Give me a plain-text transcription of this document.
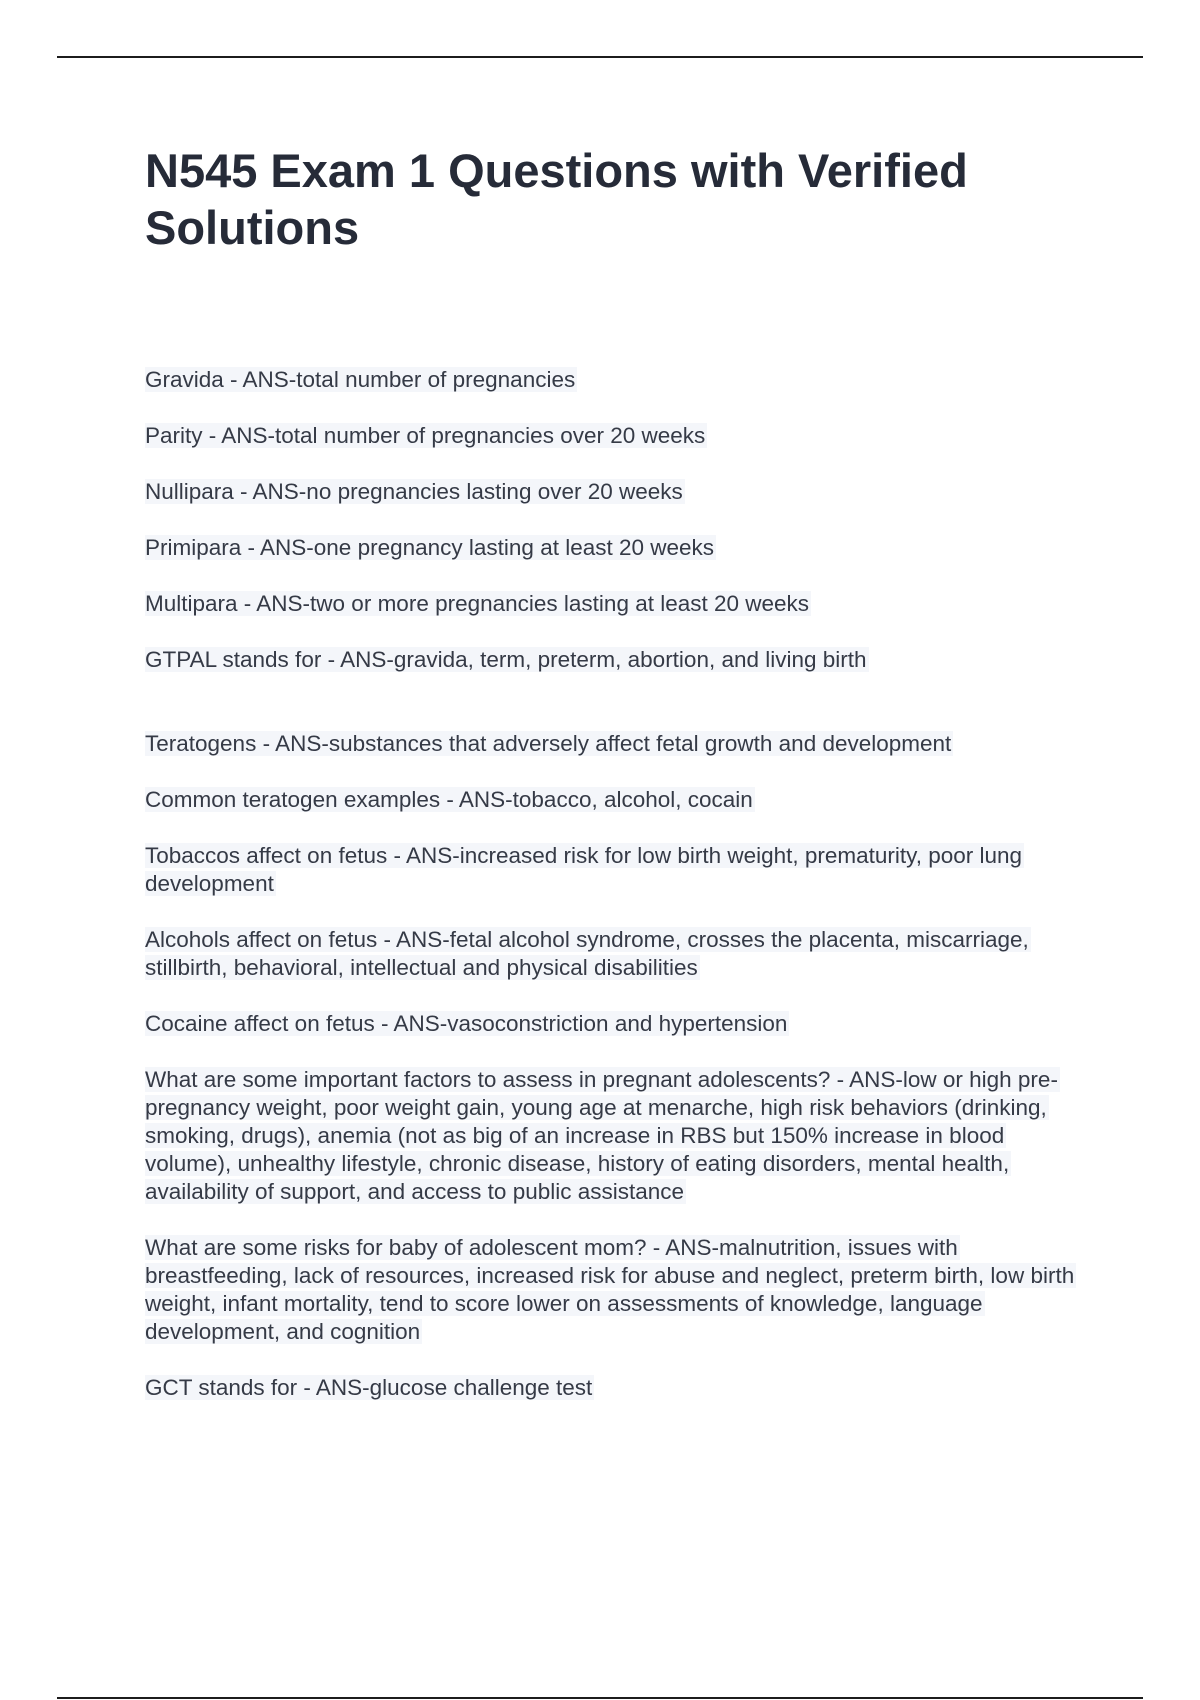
N545 Exam 1 Questions with Verified Solutions
Gravida - ANS-total number of pregnancies
Parity - ANS-total number of pregnancies over 20 weeks
Nullipara - ANS-no pregnancies lasting over 20 weeks
Primipara - ANS-one pregnancy lasting at least 20 weeks
Multipara - ANS-two or more pregnancies lasting at least 20 weeks
GTPAL stands for - ANS-gravida, term, preterm, abortion, and living birth
Teratogens - ANS-substances that adversely affect fetal growth and development
Common teratogen examples - ANS-tobacco, alcohol, cocain
Tobaccos affect on fetus - ANS-increased risk for low birth weight, prematurity, poor lung development
Alcohols affect on fetus - ANS-fetal alcohol syndrome, crosses the placenta, miscarriage, stillbirth, behavioral, intellectual and physical disabilities
Cocaine affect on fetus - ANS-vasoconstriction and hypertension
What are some important factors to assess in pregnant adolescents? - ANS-low or high pre-pregnancy weight, poor weight gain, young age at menarche, high risk behaviors (drinking, smoking, drugs), anemia (not as big of an increase in RBS but 150% increase in blood volume), unhealthy lifestyle, chronic disease, history of eating disorders, mental health, availability of support, and access to public assistance
What are some risks for baby of adolescent mom? - ANS-malnutrition, issues with breastfeeding, lack of resources, increased risk for abuse and neglect, preterm birth, low birth weight, infant mortality, tend to score lower on assessments of knowledge, language development, and cognition
GCT stands for - ANS-glucose challenge test
